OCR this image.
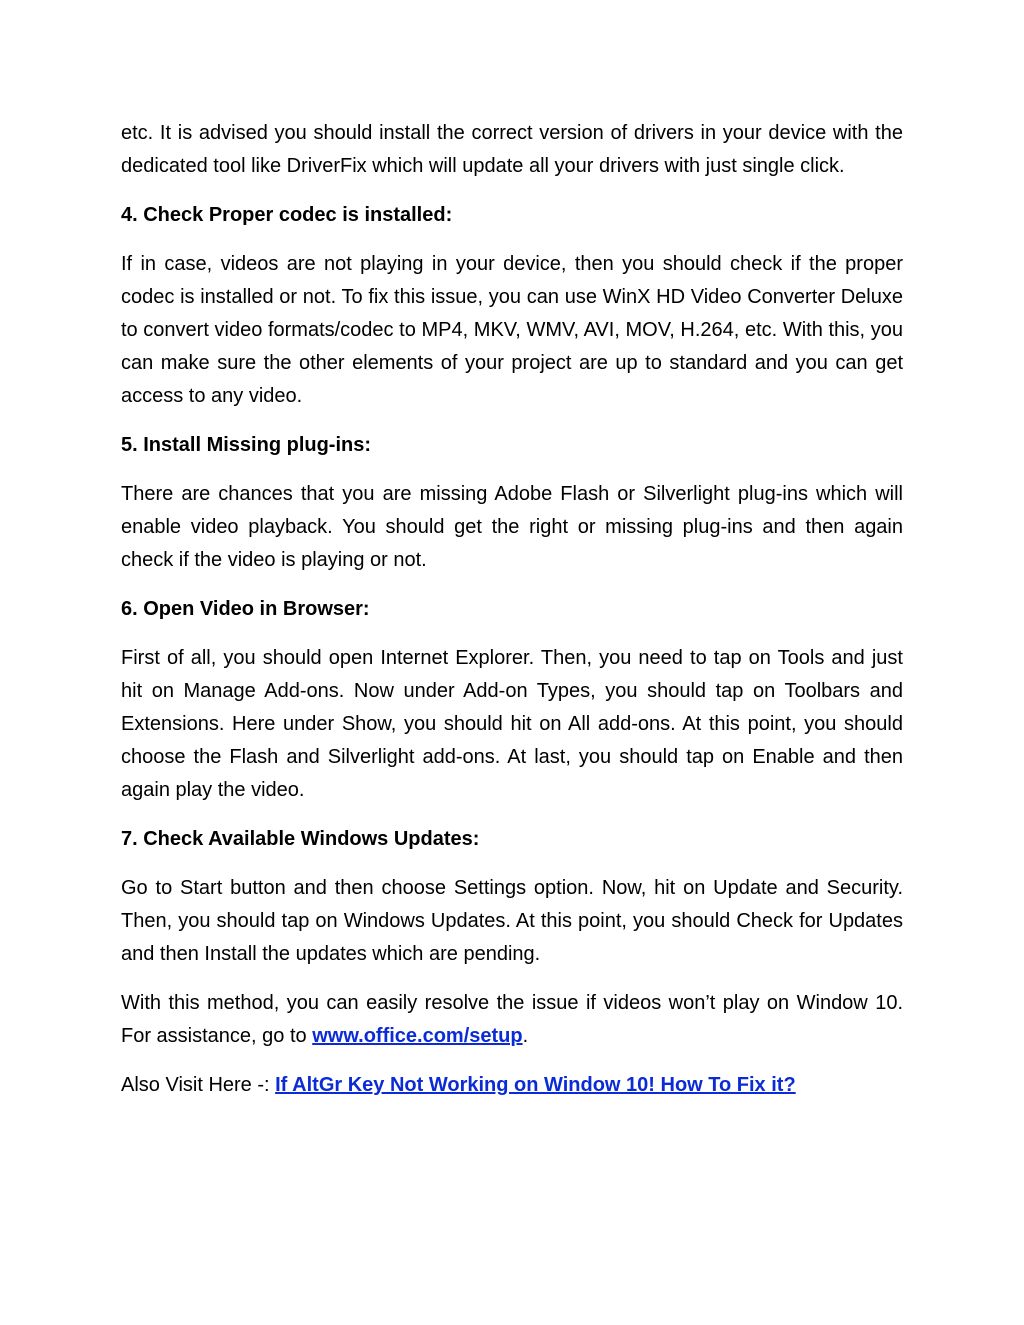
etc. It is advised you should install the correct version of drivers in your device with the dedicated tool like DriverFix which will update all your drivers with just single click.

4. Check Proper codec is installed:

If in case, videos are not playing in your device, then you should check if the proper codec is installed or not. To fix this issue, you can use WinX HD Video Converter Deluxe to convert video formats/codec to MP4, MKV, WMV, AVI, MOV, H.264, etc. With this, you can make sure the other elements of your project are up to standard and you can get access to any video.

5. Install Missing plug-ins:

There are chances that you are missing Adobe Flash or Silverlight plug-ins which will enable video playback. You should get the right or missing plug-ins and then again check if the video is playing or not.

6. Open Video in Browser:

First of all, you should open Internet Explorer. Then, you need to tap on Tools and just hit on Manage Add-ons. Now under Add-on Types, you should tap on Toolbars and Extensions. Here under Show, you should hit on All add-ons. At this point, you should choose the Flash and Silverlight add-ons. At last, you should tap on Enable and then again play the video.

7. Check Available Windows Updates:

Go to Start button and then choose Settings option. Now, hit on Update and Security. Then, you should tap on Windows Updates. At this point, you should Check for Updates and then Install the updates which are pending.

With this method, you can easily resolve the issue if videos won’t play on Window 10. For assistance, go to www.office.com/setup.

Also Visit Here -: If AltGr Key Not Working on Window 10! How To Fix it?
